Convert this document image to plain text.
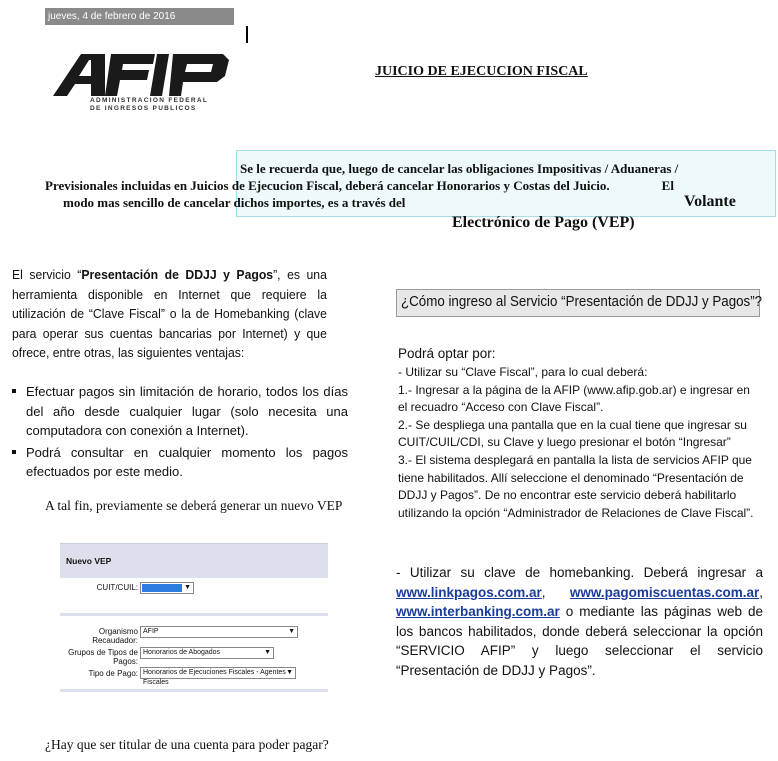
jueves, 4 de febrero de 2016
ADMINISTRACION FEDERAL
DE INGRESOS PUBLICOS
JUICIO DE EJECUCION FISCAL
Se le recuerda que, luego de cancelar las obligaciones Impositivas / Aduaneras /
Previsionales incluidas en Juicios de Ejecucion Fiscal, deberá cancelar Honorarios y Costas del Juicio.	El
modo mas sencillo de cancelar dichos importes, es a través del	Volante
Electrónico de Pago (VEP)
El servicio “Presentación de DDJJ y Pagos”, es una herramienta disponible en Internet que requiere la utilización de “Clave Fiscal” o la de Homebanking (clave para operar sus cuentas bancarias por Internet) y que ofrece, entre otras, las siguientes ventajas:
Efectuar pagos sin limitación de horario, todos los días del año desde cualquier lugar (solo necesita una computadora con conexión a Internet).
Podrá consultar en cualquier momento los pagos efectuados por este medio.
A tal fin, previamente se deberá generar un nuevo VEP
Nuevo VEP
CUIT/CUIL:	▼
Organismo Recaudador:
AFIP	▼
Grupos de Tipos de Pagos:
Honorarios de Abogados	▼
Tipo de Pago: Honorarios de Ejecuciones Fiscales - Agentes Fiscales
▼
¿Hay que ser titular de una cuenta para poder pagar?
¿Cómo ingreso al Servicio “Presentación de DDJJ y Pagos”?

Podrá optar por:

- Utilizar su “Clave Fiscal”, para lo cual deberá:

1.- Ingresar a la página de la AFIP (www.afip.gob.ar) e ingresar en el recuadro “Acceso con Clave Fiscal”.

2.- Se despliega una pantalla que en la cual tiene que ingresar su CUIT/CUIL/CDI, su Clave y luego presionar el botón “Ingresar”

3.- El sistema desplegará en pantalla la lista de servicios AFIP que tiene habilitados. Allí seleccione el denominado “Presentación de DDJJ y Pagos”. De no encontrar este servicio deberá habilitarlo utilizando la opción “Administrador de Relaciones de Clave Fiscal”.

- Utilizar su clave de homebanking. Deberá ingresar a www.linkpagos.com.ar, www.pagomiscuentas.com.ar, www.interbanking.com.ar o mediante las páginas web de los bancos habilitados, donde deberá seleccionar la opción “SERVICIO AFIP” y luego seleccionar el servicio “Presentación de DDJJ y Pagos”.
